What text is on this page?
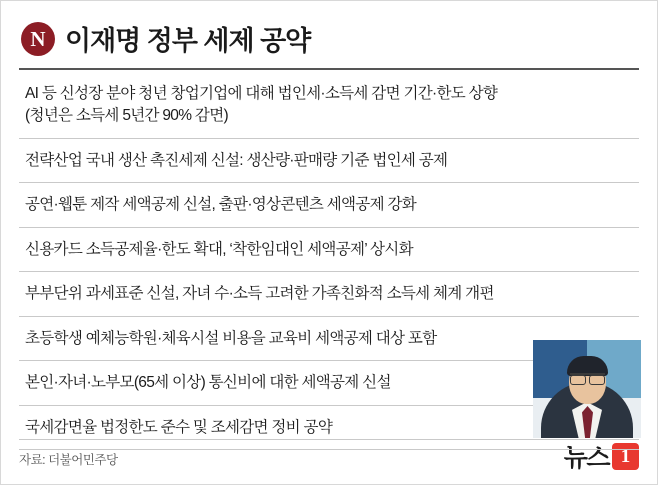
N 이재명 정부 세제 공약
AI 등 신성장 분야 청년 창업기업에 대해 법인세·소득세 감면 기간·한도 상향
(청년은 소득세 5년간 90% 감면)
전략산업 국내 생산 촉진세제 신설: 생산량·판매량 기준 법인세 공제
공연·웹툰 제작 세액공제 신설, 출판·영상콘텐츠 세액공제 강화
신용카드 소득공제율·한도 확대, ‘착한임대인 세액공제’ 상시화
부부단위 과세표준 신설, 자녀 수·소득 고려한 가족친화적 소득세 체계 개편
초등학생 예체능학원·체육시설 비용을 교육비 세액공제 대상 포함
본인·자녀·노부모(65세 이상) 통신비에 대한 세액공제 신설
국세감면율 법정한도 준수 및 조세감면 정비 공약
자료: 더불어민주당	뉴스 1
